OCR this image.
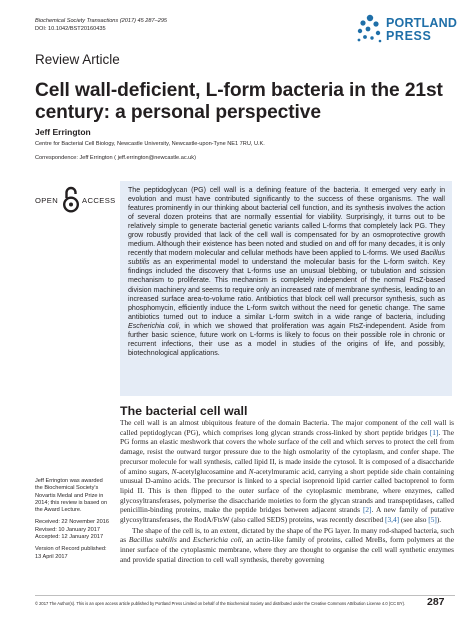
Biochemical Society Transactions (2017) 45 287–295
DOI: 10.1042/BST20160435	PORTLAND
PRESS
Review Article
Cell wall-deficient, L-form bacteria in the 21st century: a personal perspective
Jeff Errington
Centre for Bacterial Cell Biology, Newcastle University, Newcastle-upon-Tyne NE1 7RU, U.K.
Correspondence: Jeff Errington ( jeff.errington@newcastle.ac.uk)
OPEN	ACCESS
The peptidoglycan (PG) cell wall is a defining feature of the bacteria. It emerged very early in evolution and must have contributed significantly to the success of these organisms. The wall features prominently in our thinking about bacterial cell function, and its synthesis involves the action of several dozen proteins that are normally essential for viability. Surprisingly, it turns out to be relatively simple to generate bacterial genetic variants called L-forms that completely lack PG. They grow robustly provided that lack of the cell wall is compensated for by an osmoprotective growth medium. Although their existence has been noted and studied on and off for many decades, it is only recently that modern molecular and cellular methods have been applied to L-forms. We used Bacillus subtilis as an experimental model to understand the molecular basis for the L-form switch. Key findings included the discovery that L-forms use an unusual blebbing, or tubulation and scission mechanism to proliferate. This mechanism is completely independent of the normal FtsZ-based division machinery and seems to require only an increased rate of membrane synthesis, leading to an increased surface area-to-volume ratio. Antibiotics that block cell wall precursor synthesis, such as phosphomycin, efficiently induce the L-form switch without the need for genetic change. The same antibiotics turned out to induce a similar L-form switch in a wide range of bacteria, including Escherichia coli, in which we showed that proliferation was again FtsZ-independent. Aside from further basic science, future work on L-forms is likely to focus on their possible role in chronic or recurrent infections, their use as a model in studies of the origins of life, and possibly, biotechnological applications.
The bacterial cell wall

The cell wall is an almost ubiquitous feature of the domain Bacteria. The major component of the cell wall is called peptidoglycan (PG), which comprises long glycan strands cross-linked by short peptide bridges [1]. The PG forms an elastic meshwork that covers the whole surface of the cell and which serves to protect the cell from damage, resist the outward turgor pressure due to the high osmolarity of the cytoplasm, and confer shape. The precursor molecule for wall synthesis, called lipid II, is made inside the cytosol. It is composed of a disaccharide of amino sugars, N-acetylglucosamine and N-acetylmuramic acid, carrying a short peptide side chain containing unusual D-amino acids. The precursor is linked to a special isoprenoid lipid carrier called bactoprenol to form lipid II. This is then flipped to the outer surface of the cytoplasmic membrane, where enzymes, called glycosyltransferases, polymerise the disaccharide moieties to form the glycan strands and transpeptidases, called penicillin-binding proteins, make the peptide bridges between adjacent strands [2]. A new family of putative glycosyltransferases, the RodA/FtsW (also called SEDS) proteins, was recently described [3,4] (see also [5]).

The shape of the cell is, to an extent, dictated by the shape of the PG layer. In many rod-shaped bacteria, such as Bacillus subtilis and Escherichia coli, an actin-like family of proteins, called MreBs, form polymers at the inner surface of the cytoplasmic membrane, where they are thought to organise the cell wall synthetic enzymes and provide spatial direction to cell wall synthesis, thereby governing

Jeff Errington was awarded the Biochemical Society's Novartis Medal and Prize in 2014; this review is based on the Award Lecture.
Received: 22 November 2016
Revised: 10 January 2017
Accepted: 12 January 2017
Version of Record published:
13 April 2017
© 2017 The Author(s). This is an open access article published by Portland Press Limited on behalf of the Biochemical Society and distributed under the Creative Commons Attribution License 4.0 (CC BY).	287
